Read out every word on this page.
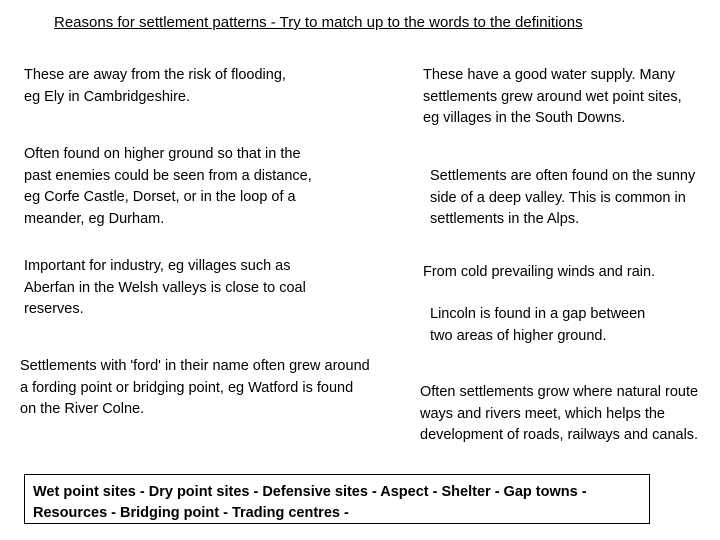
Reasons for settlement patterns - Try to match up to the words to the definitions

These are away from the risk of flooding, eg Ely in Cambridgeshire.

Often found on higher ground so that in the past enemies could be seen from a distance, eg Corfe Castle, Dorset, or in the loop of a meander, eg Durham.

Important for industry, eg villages such as Aberfan in the Welsh valleys is close to coal reserves.

Settlements with 'ford' in their name often grew around a fording point or bridging point, eg Watford is found on the River Colne.

These have a good water supply. Many settlements grew around wet point sites, eg villages in the South Downs.

Settlements are often found on the sunny side of a deep valley. This is common in settlements in the Alps.

From cold prevailing winds and rain.

Lincoln is found in a gap between two areas of higher ground.

Often settlements grow where natural route ways and rivers meet, which helps the development of roads, railways and canals.

Wet point sites - Dry point sites - Defensive sites - Aspect - Shelter - Gap towns - Resources - Bridging point - Trading centres -
